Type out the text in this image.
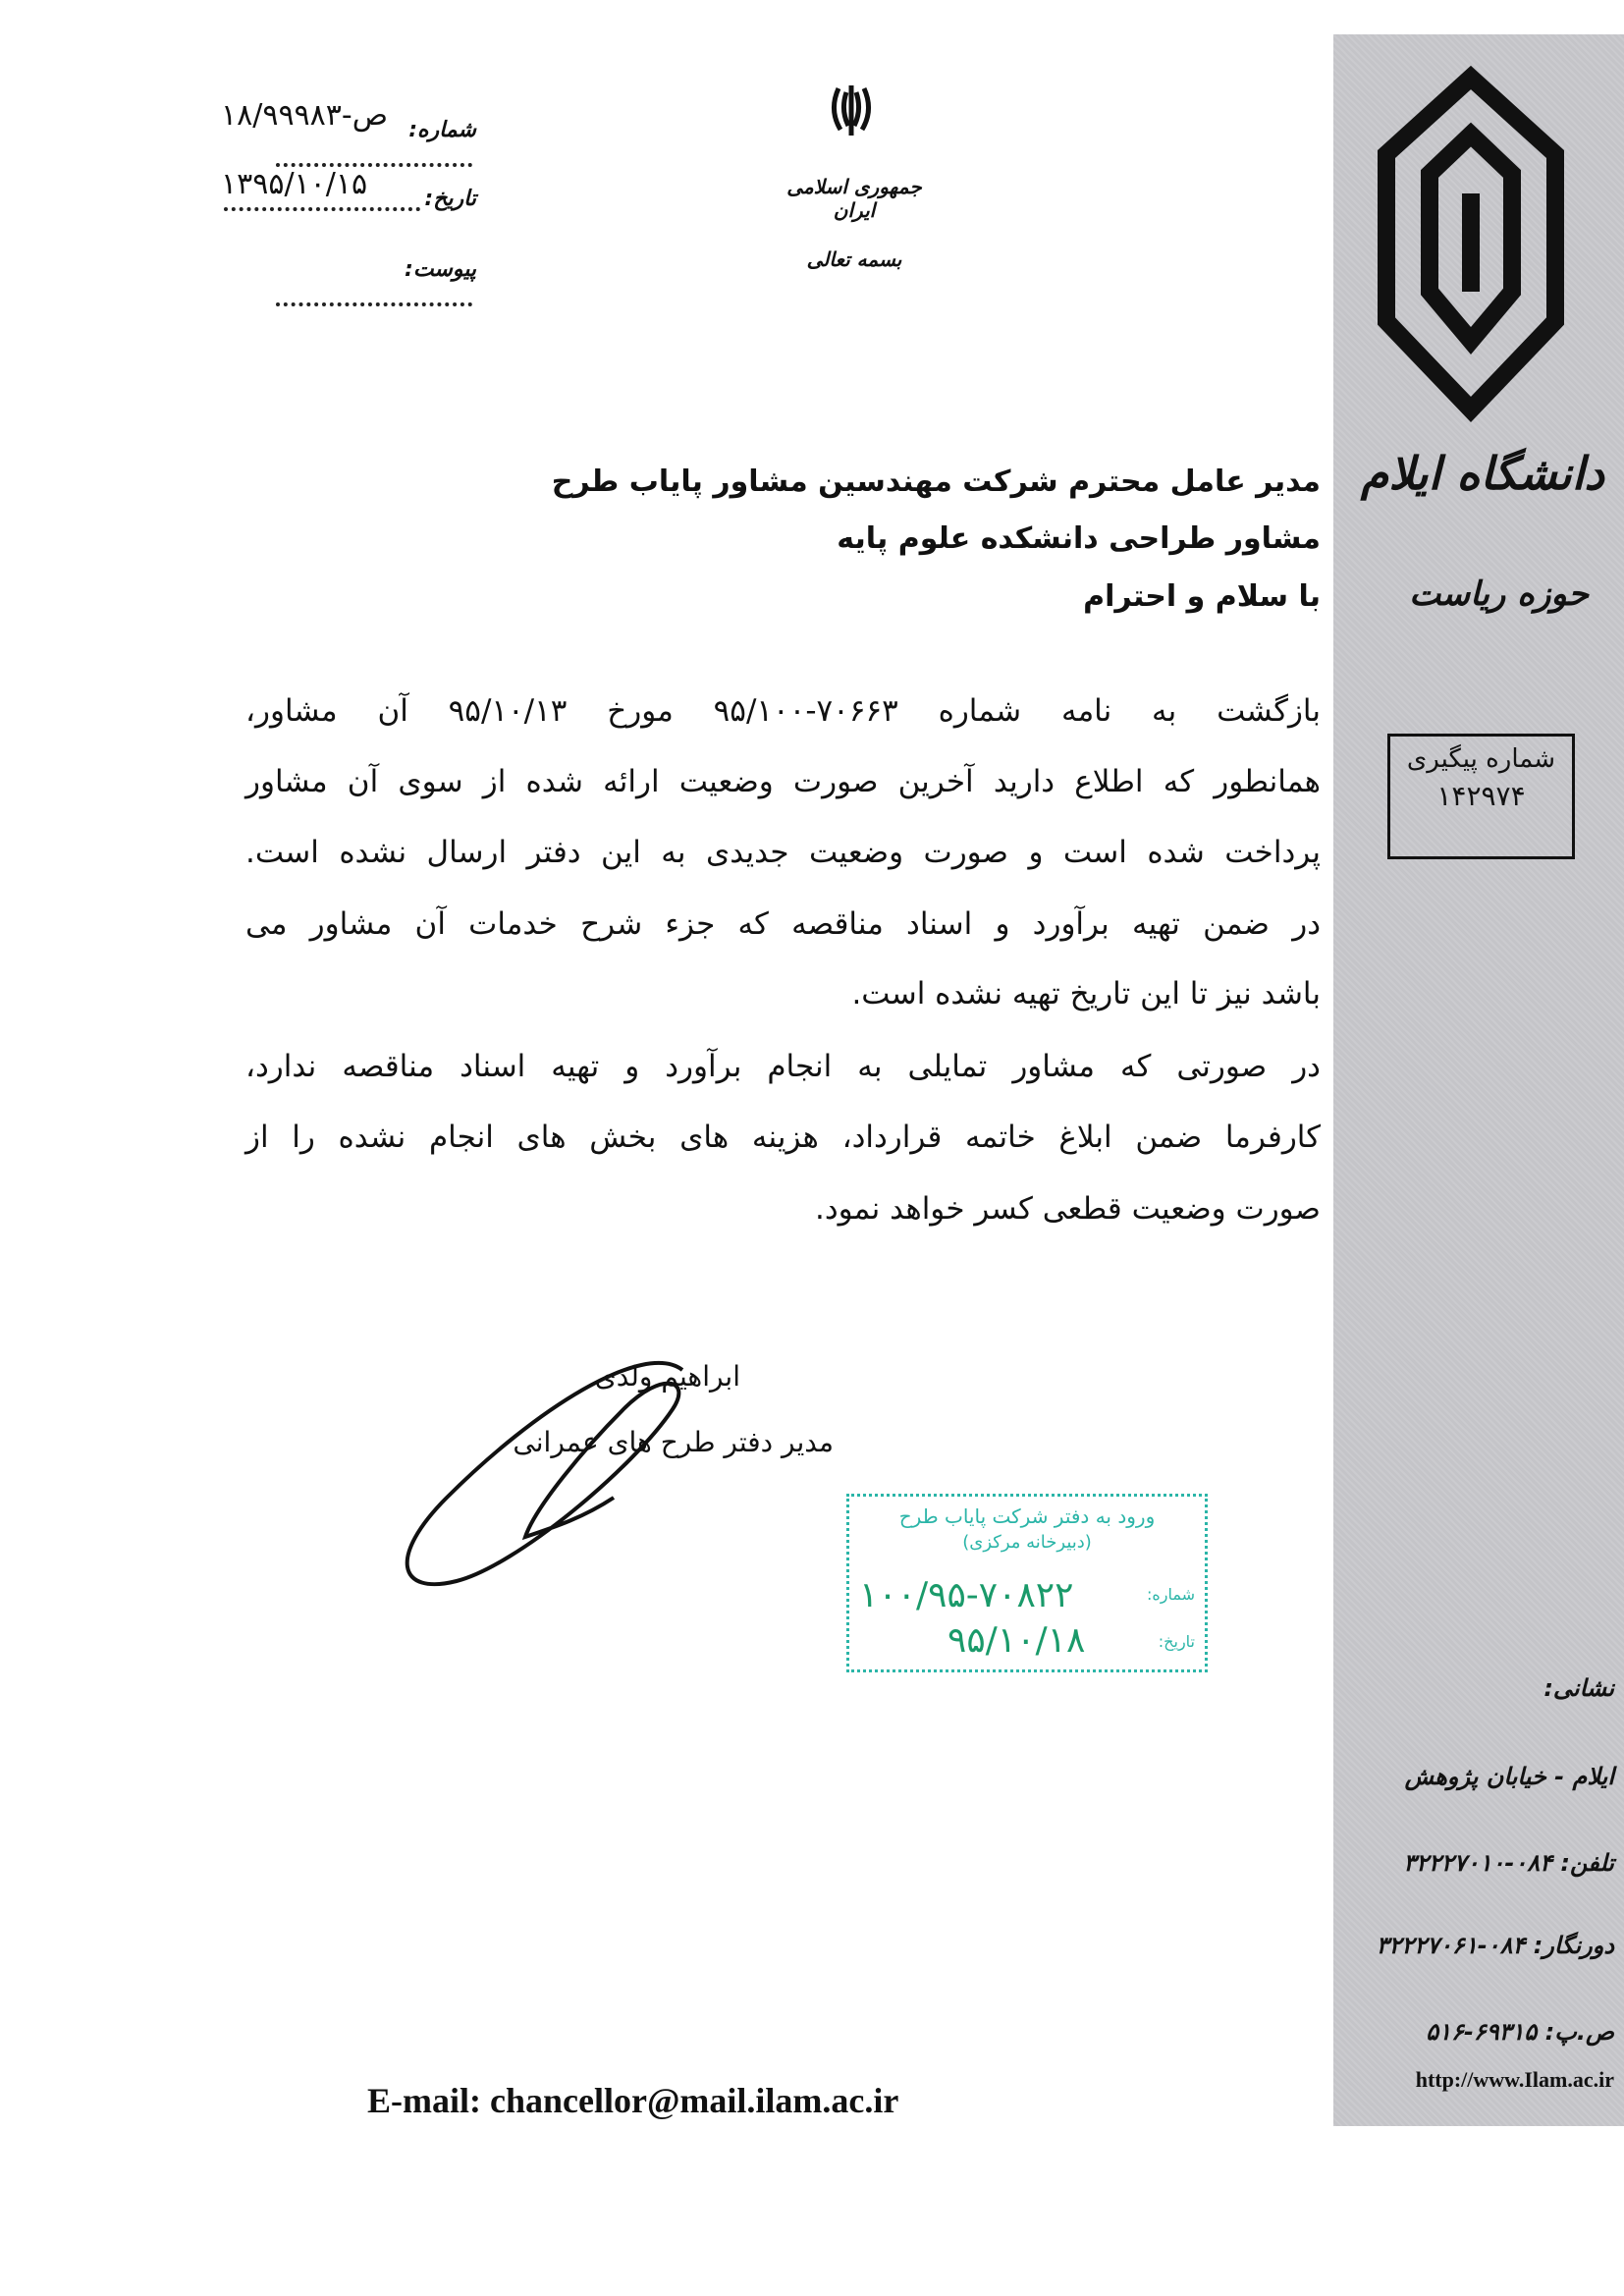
شماره:
۱۸/۹۹۹۸۳-ص
تاریخ:
۱۳۹۵/۱۰/۱۵
پیوست:
جمهوری اسلامی ایران
بسمه تعالی
دانشگاه ایلام
حوزه ریاست
شماره پیگیری
۱۴۲۹۷۴
نشانی:
ایلام - خیابان پژوهش
تلفن: ۰۸۴-۳۲۲۲۷۰۱۰
دورنگار: ۰۸۴-۳۲۲۲۷۰۶۱
ص.پ: ۶۹۳۱۵-۵۱۶
http://www.Ilam.ac.ir
مدیر عامل محترم شرکت مهندسین مشاور پایاب طرح
مشاور طراحی دانشکده علوم پایه
با سلام و احترام
بازگشت به نامه شماره ۷۰۶۶۳-۹۵/۱۰۰ مورخ ۹۵/۱۰/۱۳ آن مشاور،
همانطور که اطلاع دارید آخرین صورت وضعیت ارائه شده از سوی آن مشاور
پرداخت شده است و صورت وضعیت جدیدی به این دفتر ارسال نشده است.
در ضمن تهیه برآورد و اسناد مناقصه که جزء شرح خدمات آن مشاور می
باشد نیز تا این تاریخ تهیه نشده است.
در صورتی که مشاور تمایلی به انجام برآورد و تهیه اسناد مناقصه ندارد،
کارفرما ضمن ابلاغ خاتمه قرارداد، هزینه های بخش های انجام نشده را از
صورت وضعیت قطعی کسر خواهد نمود.
ابراهیم ولدی
مدیر دفتر طرح های عمرانی
ورود به دفتر شرکت پایاب طرح
(دبیرخانه مرکزی)
شماره:
تاریخ:
۱۰۰/۹۵-۷۰۸۲۲
۹۵/۱۰/۱۸
E-mail: chancellor@mail.ilam.ac.ir
